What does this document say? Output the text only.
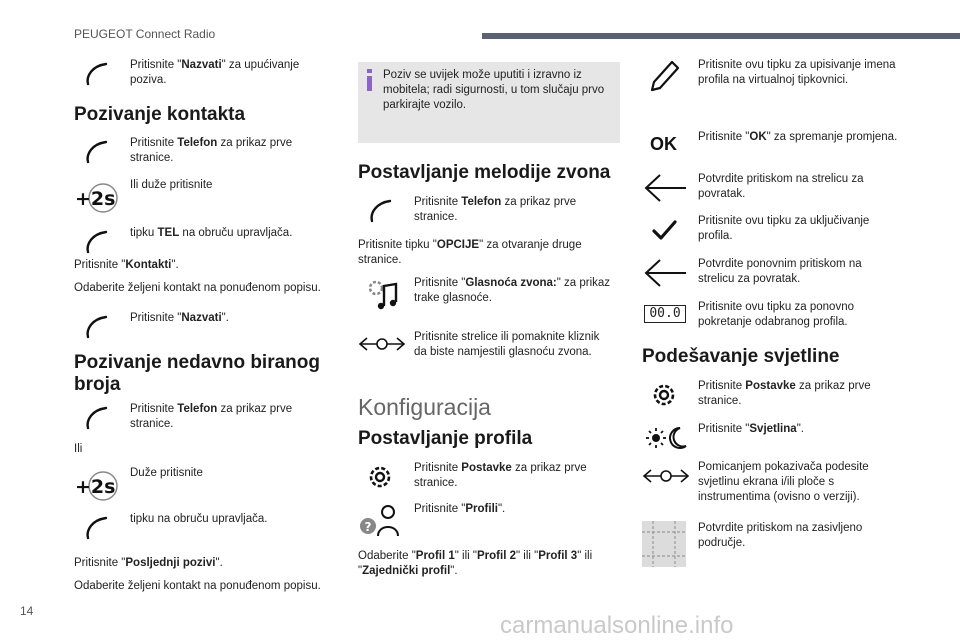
PEUGEOT Connect Radio
Pritisnite "Nazvati" za upućivanje poziva.
Pozivanje kontakta
Pritisnite Telefon za prikaz prve stranice.
+2s
Ili duže pritisnite
tipku TEL na obruču upravljača.
Pritisnite "Kontakti".
Odaberite željeni kontakt na ponuđenom popisu.
Pritisnite "Nazvati".
Pozivanje nedavno biranog broja
Pritisnite Telefon za prikaz prve stranice.
Ili
+2s
Duže pritisnite
tipku na obruču upravljača.
Pritisnite "Posljednji pozivi".
Odaberite željeni kontakt na ponuđenom popisu.
Poziv se uvijek može uputiti i izravno iz mobitela; radi sigurnosti, u tom slučaju prvo parkirajte vozilo.
Postavljanje melodije zvona
Pritisnite Telefon za prikaz prve stranice.
Pritisnite tipku "OPCIJE" za otvaranje druge stranice.
Pritisnite "Glasnoća zvona:" za prikaz trake glasnoće.
Pritisnite strelice ili pomaknite kliznik da biste namjestili glasnoću zvona.
Konfiguracija
Postavljanje profila
Pritisnite Postavke za prikaz prve stranice.
?
Pritisnite "Profili".
Odaberite "Profil 1" ili "Profil 2" ili "Profil 3" ili "Zajednički profil".
Pritisnite ovu tipku za upisivanje imena profila na virtualnoj tipkovnici.
OK Pritisnite "OK" za spremanje promjena.
Potvrdite pritiskom na strelicu za povratak.
Pritisnite ovu tipku za uključivanje profila.
Potvrdite ponovnim pritiskom na strelicu za povratak.
00.0	Pritisnite ovu tipku za ponovno pokretanje odabranog profila.
Podešavanje svjetline
Pritisnite Postavke za prikaz prve stranice.
Pritisnite "Svjetlina".
Pomicanjem pokazivača podesite svjetlinu ekrana i/ili ploče s instrumentima (ovisno o verziji).
Potvrdite pritiskom na zasivljeno područje.
14
carmanualsonline.info
